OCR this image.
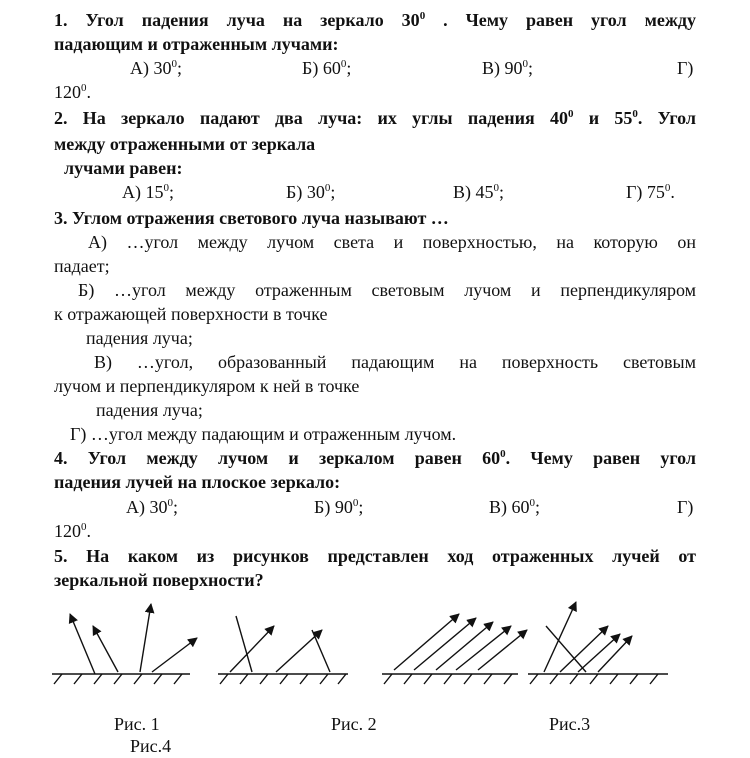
1. Угол падения луча на зеркало $30^0$ . Чему равен угол между
падающим и отраженным лучами:
А) $30^0$;	Б) $60^0$;	В) $90^0$;	Г)
$120^0$.
2. На зеркало падают два луча: их углы падения $40^0$ и $55^0$. Угол
между отраженными от зеркала
лучами равен:
А) $15^0$;	Б) $30^0$;	В) $45^0$;	Г) $75^0$.
3. Углом отражения светового луча называют …
А) …угол между лучом света и поверхностью, на которую он
падает;
Б) …угол между отраженным световым лучом и перпендикуляром
к отражающей поверхности в точке
падения луча;
В) …угол, образованный падающим на поверхность световым
лучом и перпендикуляром к ней в точке
падения луча;
Г) …угол между падающим и отраженным лучом.
4. Угол между лучом и зеркалом равен $60^0$. Чему равен угол
падения лучей на плоское зеркало:
А) $30^0$;	Б) $90^0$;	В) $60^0$;	Г)
$120^0$.
5. На каком из рисунков представлен ход отраженных лучей от
зеркальной поверхности?
Рис. 1	Рис. 2	Рис.3
Рис.4
